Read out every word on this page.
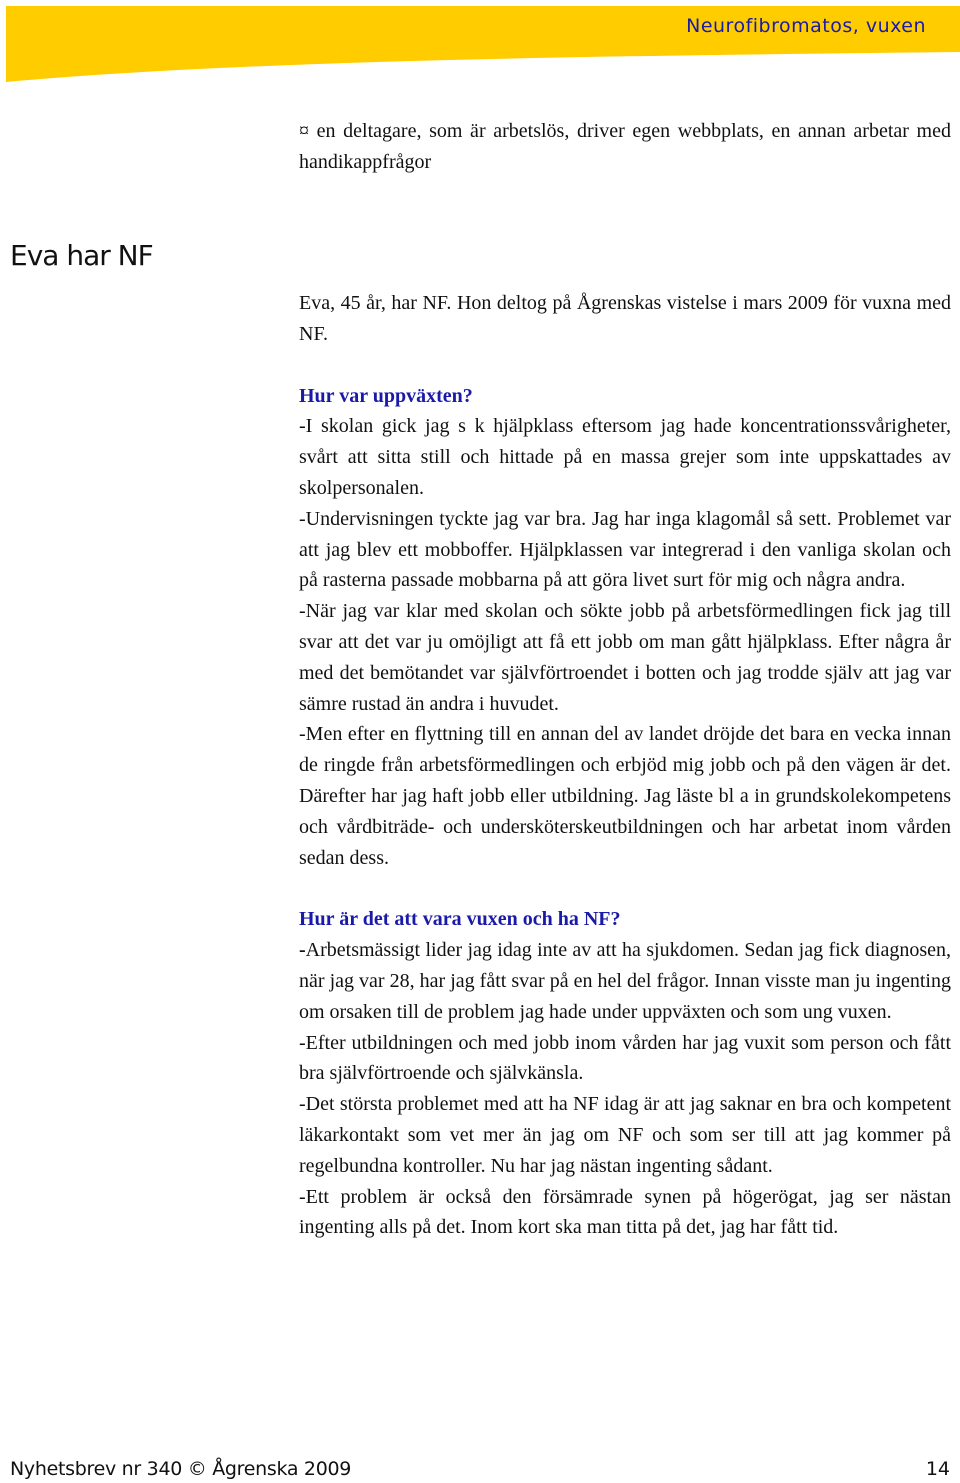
Neurofibromatos, vuxen

¤ en deltagare, som är arbetslös, driver egen webbplats, en annan arbetar med handikappfrågor

Eva har NF

Eva, 45 år, har NF. Hon deltog på Ågrenskas vistelse i mars 2009 för vuxna med NF.

Hur var uppväxten?

-I skolan gick jag s k hjälpklass eftersom jag hade koncentrationssvårigheter, svårt att sitta still och hittade på en massa grejer som inte uppskattades av skolpersonalen.

-Undervisningen tyckte jag var bra. Jag har inga klagomål så sett. Problemet var att jag blev ett mobboffer. Hjälpklassen var integrerad i den vanliga skolan och på rasterna passade mobbarna på att göra livet surt för mig och några andra.

-När jag var klar med skolan och sökte jobb på arbetsförmedlingen fick jag till svar att det var ju omöjligt att få ett jobb om man gått hjälpklass. Efter några år med det bemötandet var självförtroendet i botten och jag trodde själv att jag var sämre rustad än andra i huvudet.

-Men efter en flyttning till en annan del av landet dröjde det bara en vecka innan de ringde från arbetsförmedlingen och erbjöd mig jobb och på den vägen är det. Därefter har jag haft jobb eller utbildning. Jag läste bl a in grundskolekompetens och vårdbiträde- och undersköterskeutbildningen och har arbetat inom vården sedan dess.

Hur är det att vara vuxen och ha NF?

-Arbetsmässigt lider jag idag inte av att ha sjukdomen. Sedan jag fick diagnosen, när jag var 28, har jag fått svar på en hel del frågor. Innan visste man ju ingenting om orsaken till de problem jag hade under uppväxten och som ung vuxen.

-Efter utbildningen och med jobb inom vården har jag vuxit som person och fått bra självförtroende och självkänsla.

-Det största problemet med att ha NF idag är att jag saknar en bra och kompetent läkarkontakt som vet mer än jag om NF och som ser till att jag kommer på regelbundna kontroller. Nu har jag nästan ingenting sådant.

-Ett problem är också den försämrade synen på högerögat, jag ser nästan ingenting alls på det. Inom kort ska man titta på det, jag har fått tid.

Nyhetsbrev nr 340 © Ågrenska 2009	14
